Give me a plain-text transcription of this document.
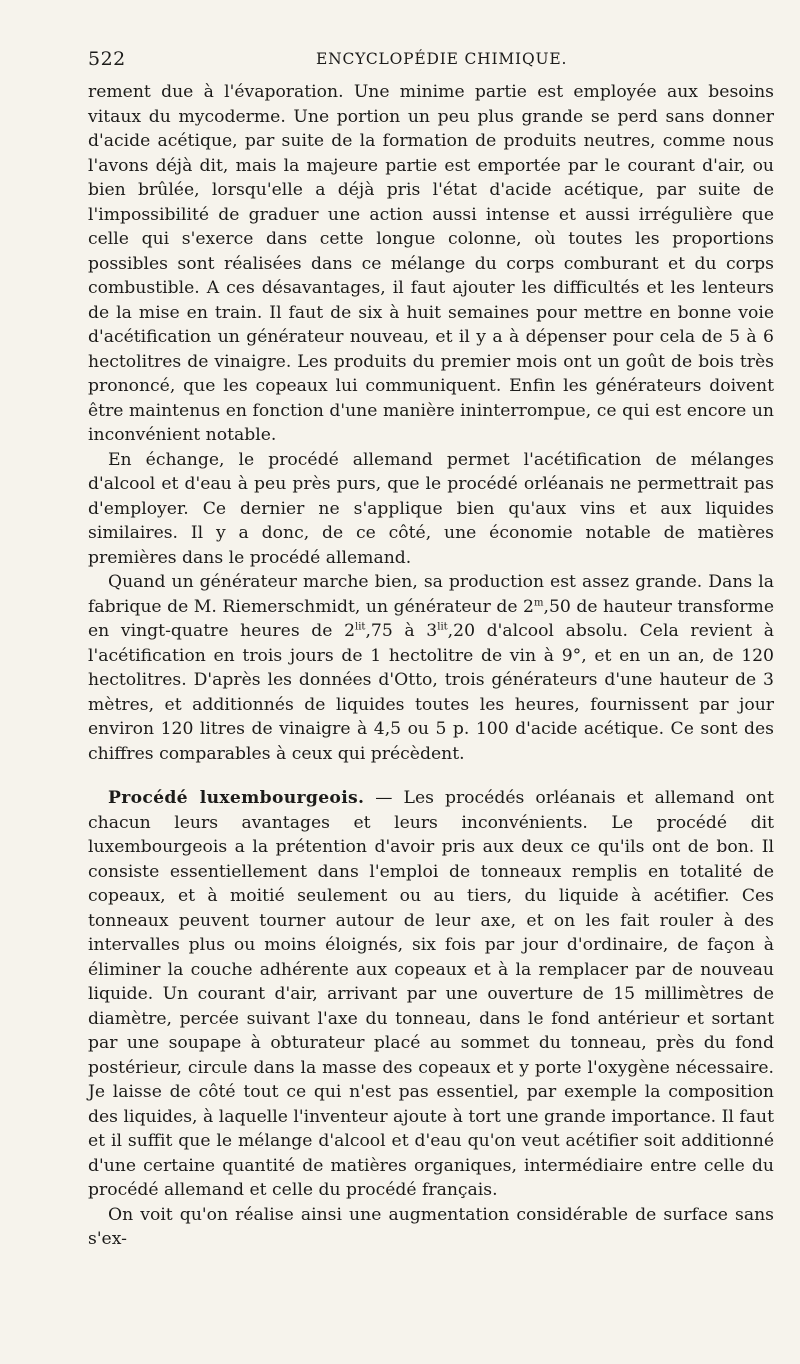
522	ENCYCLOPÉDIE CHIMIQUE.

rement due à l'évaporation. Une minime partie est employée aux besoins vitaux du mycoderme. Une portion un peu plus grande se perd sans donner d'acide acétique, par suite de la formation de produits neutres, comme nous l'avons déjà dit, mais la majeure partie est emportée par le courant d'air, ou bien brûlée, lorsqu'elle a déjà pris l'état d'acide acétique, par suite de l'impossibilité de graduer une action aussi intense et aussi irrégulière que celle qui s'exerce dans cette longue colonne, où toutes les proportions possibles sont réalisées dans ce mélange du corps comburant et du corps combustible. A ces désavantages, il faut ajouter les difficultés et les lenteurs de la mise en train. Il faut de six à huit semaines pour mettre en bonne voie d'acétification un générateur nouveau, et il y a à dépenser pour cela de 5 à 6 hectolitres de vinaigre. Les produits du premier mois ont un goût de bois très prononcé, que les copeaux lui communiquent. Enfin les générateurs doivent être maintenus en fonction d'une manière ininterrompue, ce qui est encore un inconvénient notable.

En échange, le procédé allemand permet l'acétification de mélanges d'alcool et d'eau à peu près purs, que le procédé orléanais ne permettrait pas d'employer. Ce dernier ne s'applique bien qu'aux vins et aux liquides similaires. Il y a donc, de ce côté, une économie notable de matières premières dans le procédé allemand.

Quand un générateur marche bien, sa production est assez grande. Dans la fabrique de M. Riemerschmidt, un générateur de 2$^m$,50 de hauteur transforme en vingt-quatre heures de $2^{lit},75$ à $3^{lit},20$ d'alcool absolu. Cela revient à l'acétification en trois jours de 1 hectolitre de vin à 9°, et en un an, de 120 hectolitres. D'après les données d'Otto, trois générateurs d'une hauteur de 3 mètres, et additionnés de liquides toutes les heures, fournissent par jour environ 120 litres de vinaigre à 4,5 ou 5 p. 100 d'acide acétique. Ce sont des chiffres comparables à ceux qui précèdent.

Procédé luxembourgeois. — Les procédés orléanais et allemand ont chacun leurs avantages et leurs inconvénients. Le procédé dit luxembourgeois a la prétention d'avoir pris aux deux ce qu'ils ont de bon. Il consiste essentiellement dans l'emploi de tonneaux remplis en totalité de copeaux, et à moitié seulement ou au tiers, du liquide à acétifier. Ces tonneaux peuvent tourner autour de leur axe, et on les fait rouler à des intervalles plus ou moins éloignés, six fois par jour d'ordinaire, de façon à éliminer la couche adhérente aux copeaux et à la remplacer par de nouveau liquide. Un courant d'air, arrivant par une ouverture de 15 millimètres de diamètre, percée suivant l'axe du tonneau, dans le fond antérieur et sortant par une soupape à obturateur placé au sommet du tonneau, près du fond postérieur, circule dans la masse des copeaux et y porte l'oxygène nécessaire. Je laisse de côté tout ce qui n'est pas essentiel, par exemple la composition des liquides, à laquelle l'inventeur ajoute à tort une grande importance. Il faut et il suffit que le mélange d'alcool et d'eau qu'on veut acétifier soit additionné d'une certaine quantité de matières organiques, intermédiaire entre celle du procédé allemand et celle du procédé français.

On voit qu'on réalise ainsi une augmentation considérable de surface sans s'ex-
